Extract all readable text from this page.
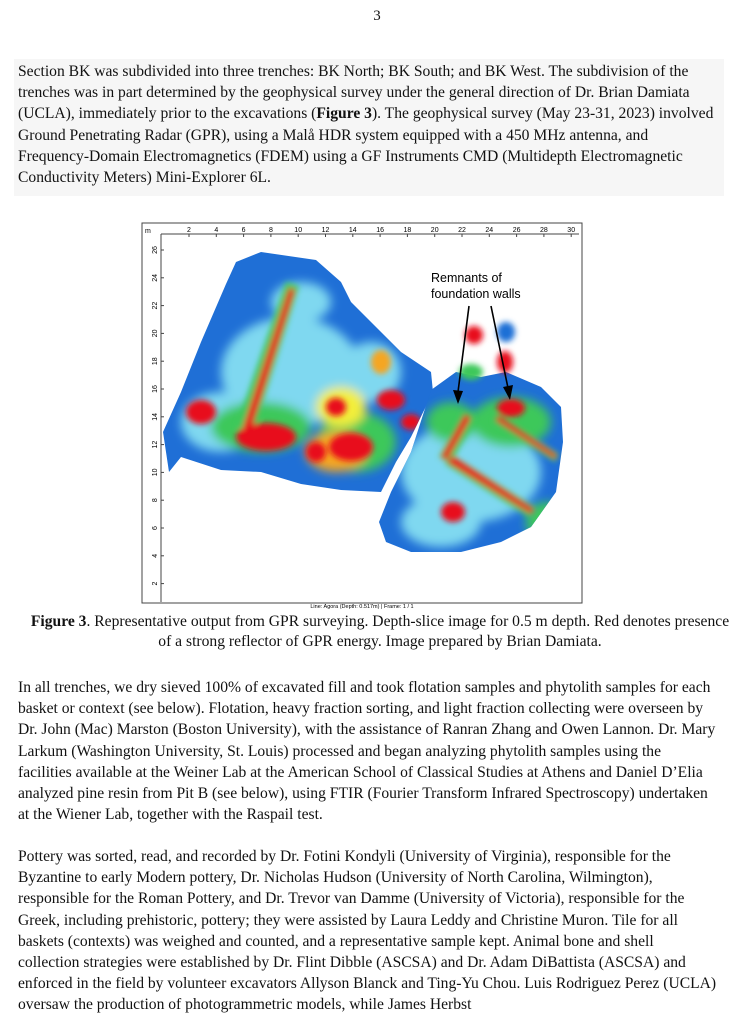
3

Section BK was subdivided into three trenches: BK North; BK South; and BK West. The subdivision of the trenches was in part determined by the geophysical survey under the general direction of Dr. Brian Damiata (UCLA), immediately prior to the excavations (Figure 3). The geophysical survey (May 23-31, 2023) involved Ground Penetrating Radar (GPR), using a Malå HDR system equipped with a 450 MHz antenna, and Frequency-Domain Electromagnetics (FDEM) using a GF Instruments CMD (Multidepth Electromagnetic Conductivity Meters) Mini-Explorer 6L.

m	2	4	6	8	10	12	14	16	18	20	22	24	26	28	30
26
24
22
20
18
16
14
12
10
8
6
4
2
Remnants of
foundation walls
Line: Agora (Depth: 0.517m) | Frame: 1 / 1
Figure 3. Representative output from GPR surveying. Depth-slice image for 0.5 m depth. Red denotes presence of a strong reflector of GPR energy. Image prepared by Brian Damiata.

In all trenches, we dry sieved 100% of excavated fill and took flotation samples and phytolith samples for each basket or context (see below). Flotation, heavy fraction sorting, and light fraction collecting were overseen by Dr. John (Mac) Marston (Boston University), with the assistance of Ranran Zhang and Owen Lannon. Dr. Mary Larkum (Washington University, St. Louis) processed and began analyzing phytolith samples using the facilities available at the Weiner Lab at the American School of Classical Studies at Athens and Daniel D’Elia analyzed pine resin from Pit B (see below), using FTIR (Fourier Transform Infrared Spectroscopy) undertaken at the Wiener Lab, together with the Raspail test.

Pottery was sorted, read, and recorded by Dr. Fotini Kondyli (University of Virginia), responsible for the Byzantine to early Modern pottery, Dr. Nicholas Hudson (University of North Carolina, Wilmington), responsible for the Roman Pottery, and Dr. Trevor van Damme (University of Victoria), responsible for the Greek, including prehistoric, pottery; they were assisted by Laura Leddy and Christine Muron. Tile for all baskets (contexts) was weighed and counted, and a representative sample kept. Animal bone and shell collection strategies were established by Dr. Flint Dibble (ASCSA) and Dr. Adam DiBattista (ASCSA) and enforced in the field by volunteer excavators Allyson Blanck and Ting-Yu Chou. Luis Rodriguez Perez (UCLA) oversaw the production of photogrammetric models, while James Herbst
